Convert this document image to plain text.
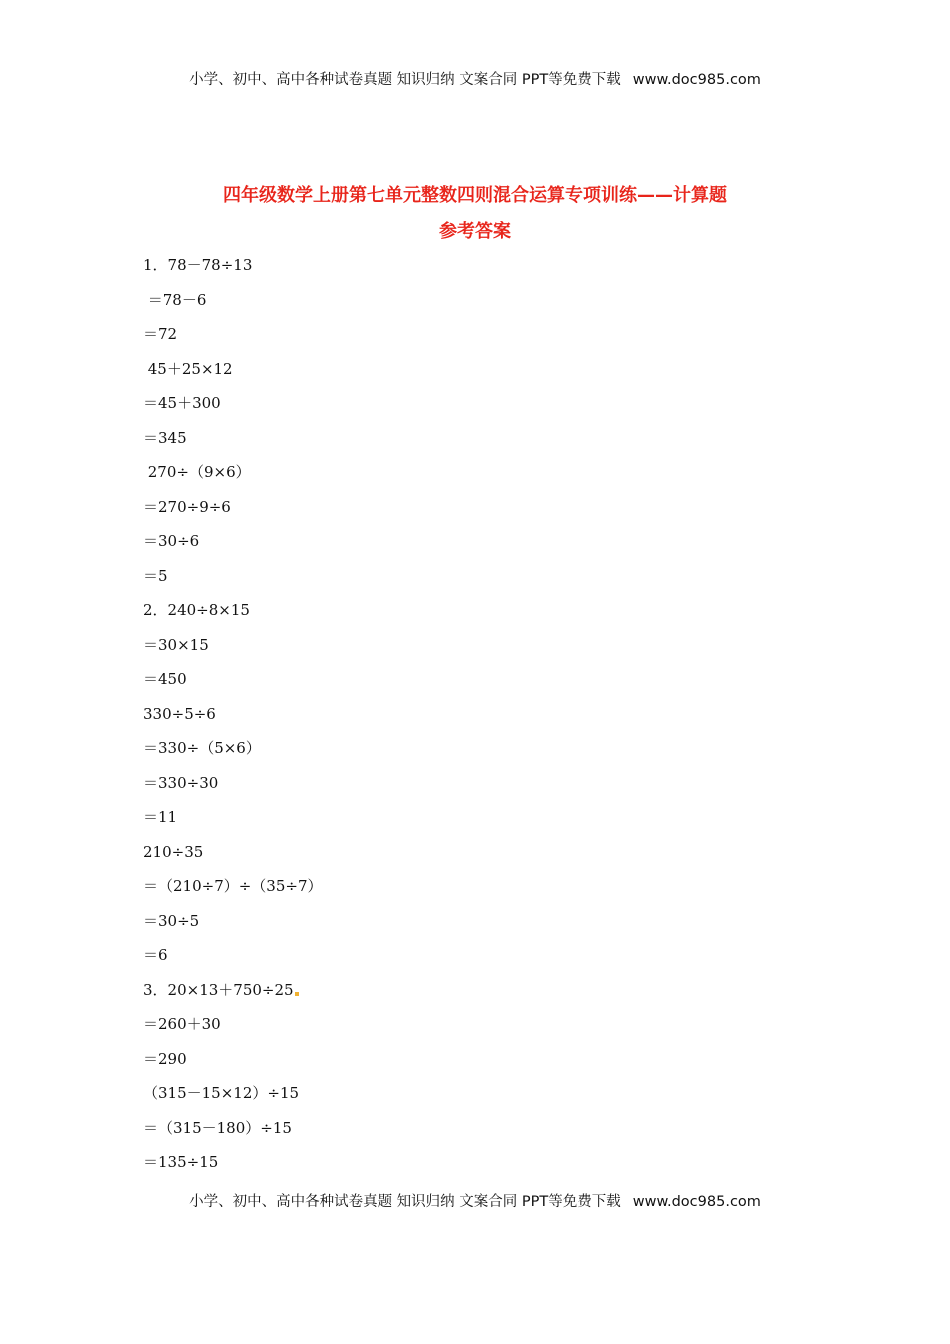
小学、初中、高中各种试卷真题 知识归纳 文案合同 PPT等免费下载 www.doc985.com
四年级数学上册第七单元整数四则混合运算专项训练——计算题
参考答案
1．78－78÷13
＝78－6
＝72
45＋25×12
＝45＋300
＝345
270÷（9×6）
＝270÷9÷6
＝30÷6
＝5
2．240÷8×15
＝30×15
＝450
330÷5÷6
＝330÷（5×6）
＝330÷30
＝11
210÷35
＝（210÷7）÷（35÷7）
＝30÷5
＝6
3．20×13＋750÷25
＝260＋30
＝290
（315－15×12）÷15
＝（315－180）÷15
＝135÷15
小学、初中、高中各种试卷真题 知识归纳 文案合同 PPT等免费下载 www.doc985.com
